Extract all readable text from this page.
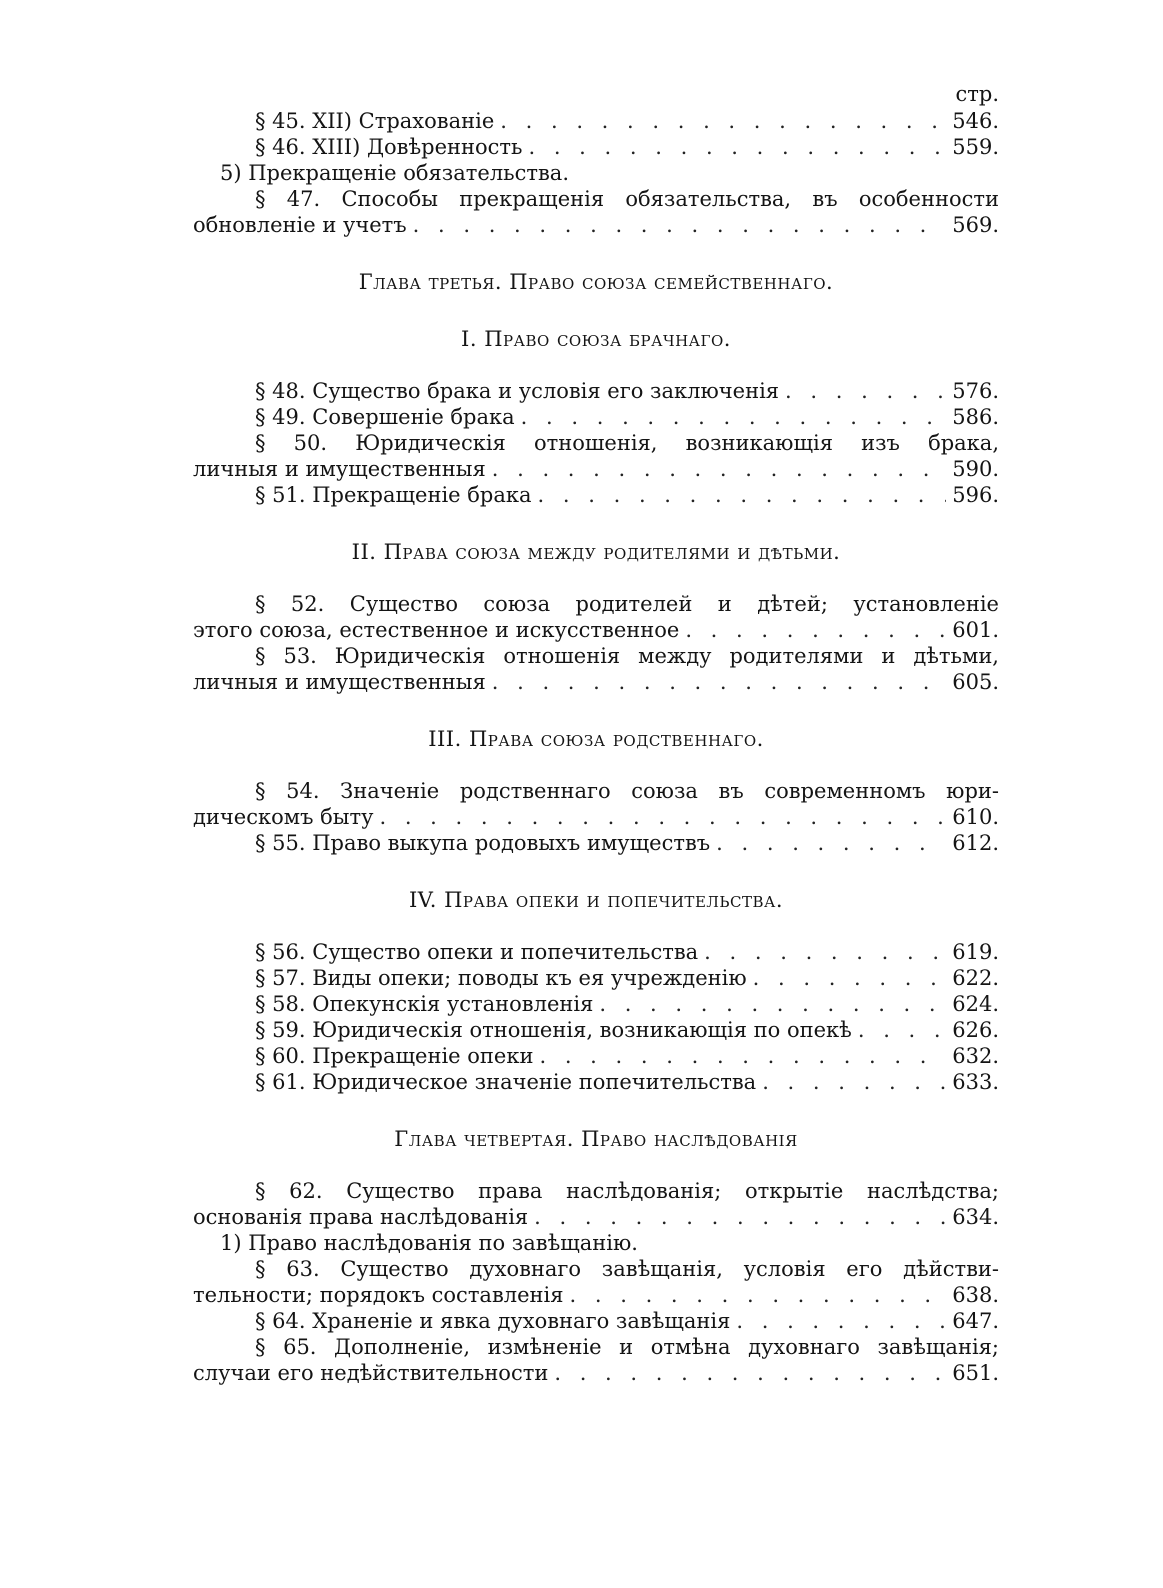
стр.
§ 45. XII) Страхованіе . . .	546.
§ 46. XIII) Довѣренность . . .	559.
5) Прекращеніе обязательства.
§ 47. Способы прекращенія обязательства, въ особенности
обновленіе и учетъ . . .	569.
Глава третья. Право союза семейственнаго.
I. Право союза брачнаго.
§ 48. Существо брака и условія его заключенія . . .	576.
§ 49. Совершеніе брака . . .	586.
§ 50. Юридическія отношенія, возникающія изъ брака,
личныя и имущественныя . . .	590.
§ 51. Прекращеніе брака . . .	596.
II. Права союза между родителями и дѣтьми.
§ 52. Существо союза родителей и дѣтей; установленіе
этого союза, естественное и искусственное . . .	601.
§ 53. Юридическія отношенія между родителями и дѣтьми,
личныя и имущественныя . . .	605.
III. Права союза родственнаго.
§ 54. Значеніе родственнаго союза въ современномъ юри-
дическомъ быту . . .	610.
§ 55. Право выкупа родовыхъ имуществъ . . .	612.
IV. Права опеки и попечительства.
§ 56. Существо опеки и попечительства . . .	619.
§ 57. Виды опеки; поводы къ ея учрежденію . . .	622.
§ 58. Опекунскія установленія . . .	624.
§ 59. Юридическія отношенія, возникающія по опекѣ . . .	626.
§ 60. Прекращеніе опеки . . .	632.
§ 61. Юридическое значеніе попечительства . . .	633.
Глава четвертая. Право наслѣдованія
§ 62. Существо права наслѣдованія; открытіе наслѣдства;
основанія права наслѣдованія . . .	634.
1) Право наслѣдованія по завѣщанію.
§ 63. Существо духовнаго завѣщанія, условія его дѣйстви-
тельности; порядокъ составленія . . .	638.
§ 64. Храненіе и явка духовнаго завѣщанія . . .	647.
§ 65. Дополненіе, измѣненіе и отмѣна духовнаго завѣщанія;
случаи его недѣйствительности . . .	651.
